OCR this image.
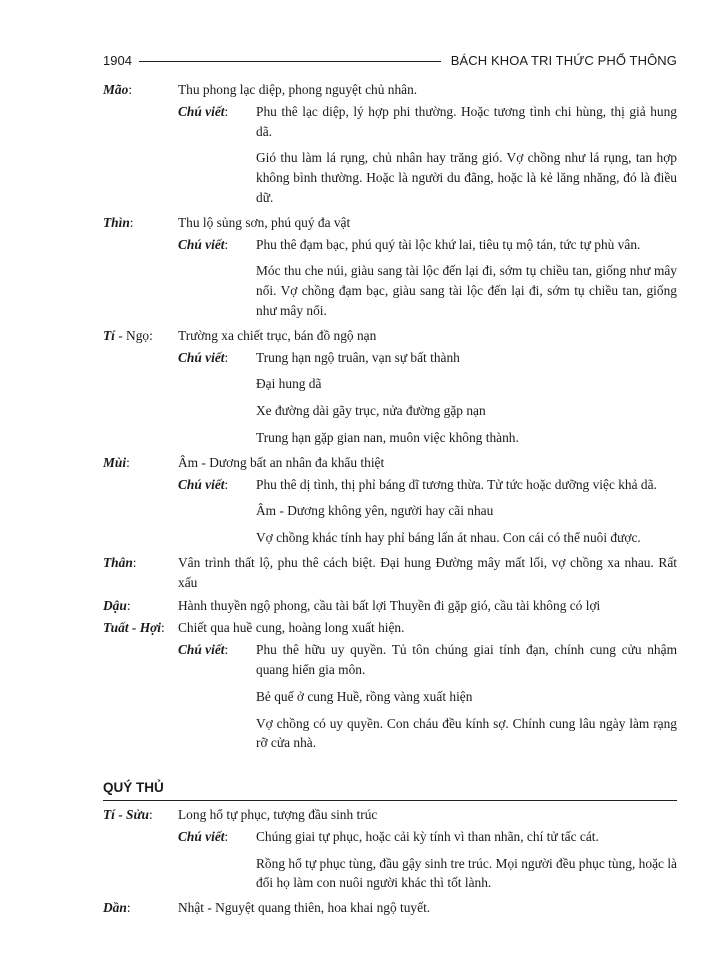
1904	BÁCH KHOA TRI THỨC PHỔ THÔNG
Mão:	Thu phong lạc diệp, phong nguyệt chủ nhân.
Chú viết:	Phu thê lạc diệp, lý hợp phi thường. Hoặc tương tình chi hùng, thị giả hung dã.

Gió thu làm lá rụng, chủ nhân hay trăng gió. Vợ chồng như lá rụng, tan hợp không bình thường. Hoặc là người du đãng, hoặc là kẻ lăng nhăng, đó là điều dữ.

Thìn:	Thu lộ sủng sơn, phú quý đa vật
Chú viết:	Phu thê đạm bạc, phú quý tài lộc khứ lai, tiêu tụ mộ tán, tức tự phù vân.

Móc thu che núi, giàu sang tài lộc đến lại đi, sớm tụ chiều tan, giống như mây nổi. Vợ chồng đạm bạc, giàu sang tài lộc đến lại đi, sớm tụ chiều tan, giống như mây nổi.

Tí - Ngọ:	Trường xa chiết trục, bán đồ ngộ nạn
Chú viết:	Trung hạn ngộ truân, vạn sự bất thành

Đại hung dã

Xe đường dài gãy trục, nửa đường gặp nạn

Trung hạn gặp gian nan, muôn việc không thành.

Mùi:	Âm - Dương bất an nhân đa khẩu thiệt
Chú viết:	Phu thê dị tình, thị phỉ báng dĩ tương thừa. Tử tức hoặc dưỡng việc khả dã.

Âm - Dương không yên, người hay cãi nhau

Vợ chồng khác tính hay phỉ báng lấn át nhau. Con cái có thể nuôi được.

Thân:	Vân trình thất lộ, phu thê cách biệt. Đại hung Đường mây mất lối, vợ chồng xa nhau. Rất xấu
Dậu:	Hành thuyền ngộ phong, cầu tài bất lợi Thuyền đi gặp gió, cầu tài không có lợi
Tuất - Hợi: Chiết qua huề cung, hoàng long xuất hiện.
Chú viết:	Phu thê hữu uy quyền. Tủ tôn chúng giai tính đạn, chính cung cửu nhậm quang hiển gia môn.

Bẻ quế ở cung Huề, rồng vàng xuất hiện

Vợ chồng có uy quyền. Con cháu đều kính sợ. Chính cung lâu ngày làm rạng rỡ cửa nhà.

QUÝ THỦ
Tí - Sửu:	Long hổ tự phục, tượng đầu sinh trúc
Chú viết:	Chúng giai tự phục, hoặc cải kỳ tính vì than nhãn, chí tử tấc cát.

Rồng hổ tự phục tùng, đầu gậy sinh tre trúc. Mọi người đều phục tùng, hoặc là đổi họ làm con nuôi người khác thì tốt lành.

Dần:	Nhật - Nguyệt quang thiên, hoa khai ngộ tuyết.
